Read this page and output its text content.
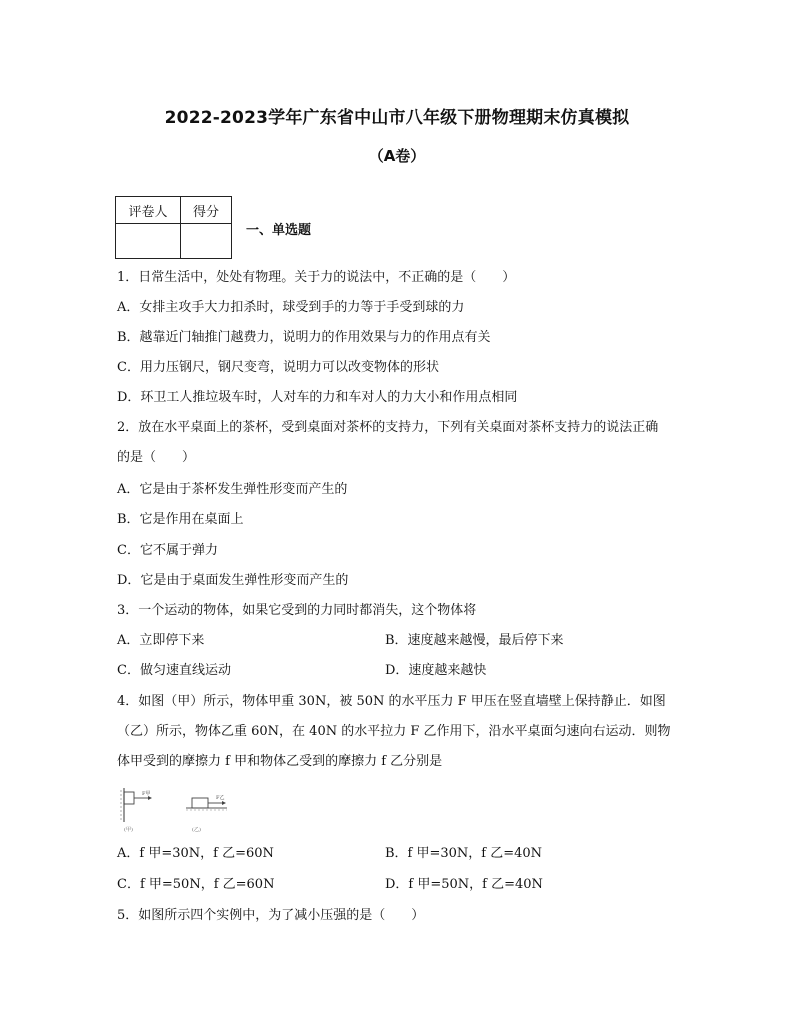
2022-2023学年广东省中山市八年级下册物理期末仿真模拟
（A卷）
评卷人	得分

一、单选题
1．日常生活中，处处有物理。关于力的说法中，不正确的是（　　）
A．女排主攻手大力扣杀时，球受到手的力等于手受到球的力
B．越靠近门轴推门越费力，说明力的作用效果与力的作用点有关
C．用力压钢尺，钢尺变弯，说明力可以改变物体的形状
D．环卫工人推垃圾车时，人对车的力和车对人的力大小和作用点相同
2．放在水平桌面上的茶杯，受到桌面对茶杯的支持力，下列有关桌面对茶杯支持力的说法正确
的是（　　）
A．它是由于茶杯发生弹性形变而产生的
B．它是作用在桌面上
C．它不属于弹力
D．它是由于桌面发生弹性形变而产生的
3．一个运动的物体，如果它受到的力同时都消失，这个物体将
A．立即停下来	B．速度越来越慢，最后停下来
C．做匀速直线运动	D．速度越来越快
4．如图（甲）所示，物体甲重 30N，被 50N 的水平压力 F 甲压在竖直墙壁上保持静止．如图
（乙）所示，物体乙重 60N，在 40N 的水平拉力 F 乙作用下，沿水平桌面匀速向右运动．则物
体甲受到的摩擦力 f 甲和物体乙受到的摩擦力 f 乙分别是
F甲
(甲)
F乙
(乙)
A．f 甲=30N，f 乙=60N	B．f 甲=30N，f 乙=40N
C．f 甲=50N，f 乙=60N	D．f 甲=50N，f 乙=40N
5．如图所示四个实例中，为了减小压强的是（　　）
